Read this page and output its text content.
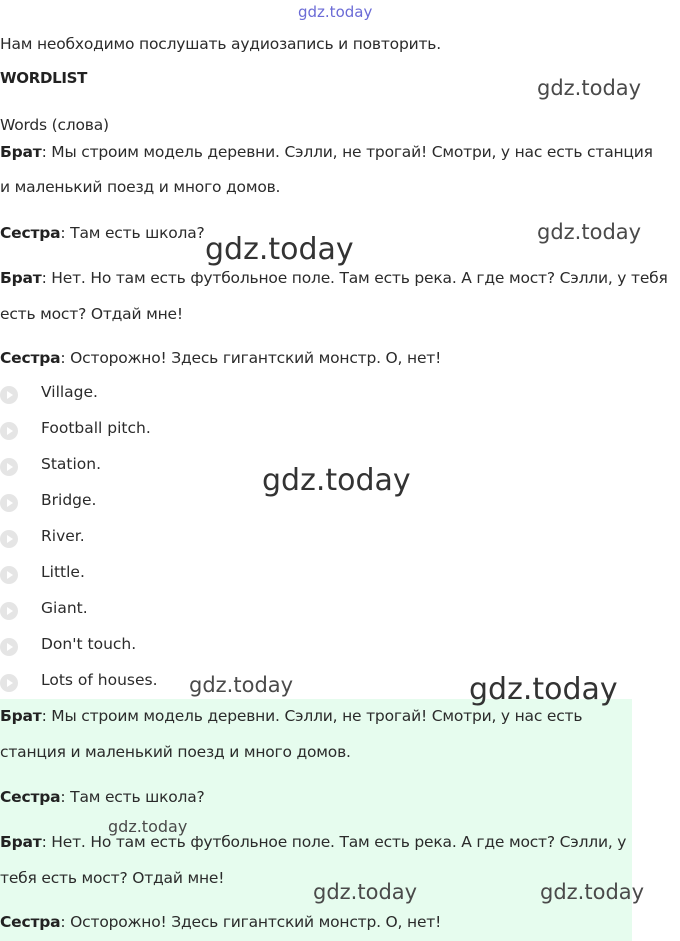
gdz.today
Нам необходимо послушать аудиозапись и повторить.
WORDLIST
Words (слова)
Брат: Мы строим модель деревни. Сэлли, не трогай! Смотри, у нас есть станция
и маленький поезд и много домов.
Сестра: Там есть школа?
Брат: Нет. Но там есть футбольное поле. Там есть река. А где мост? Сэлли, у тебя
есть мост? Отдай мне!
Сестра: Осторожно! Здесь гигантский монстр. О, нет!
Village.
Football pitch.
Station.
Bridge.
River.
Little.
Giant.
Don't touch.
Lots of houses.
Брат: Мы строим модель деревни. Сэлли, не трогай! Смотри, у нас есть
станция и маленький поезд и много домов.
Сестра: Там есть школа?
Брат: Нет. Но там есть футбольное поле. Там есть река. А где мост? Сэлли, у
тебя есть мост? Отдай мне!
Сестра: Осторожно! Здесь гигантский монстр. О, нет!
gdz.today
gdz.today
gdz.today
gdz.today
gdz.today	gdz.today
gdz.today
gdz.today	gdz.today
